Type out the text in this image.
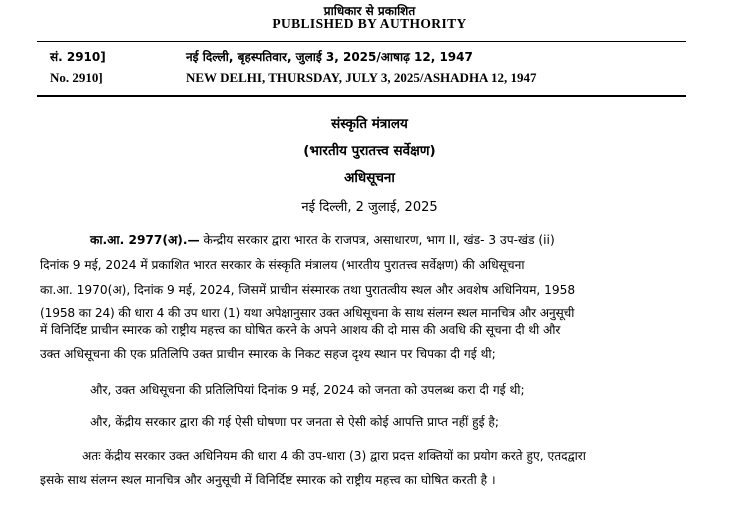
प्राधिकार से प्रकाशित
PUBLISHED BY AUTHORITY
सं. 2910]	नई दिल्ली, बृहस्पतिवार, जुलाई 3, 2025/आषाढ़ 12, 1947
No. 2910]	NEW DELHI, THURSDAY, JULY 3, 2025/ASHADHA 12, 1947
संस्कृति मंत्रालय
(भारतीय पुरातत्त्व सर्वेक्षण)
अधिसूचना
नई दिल्ली, 2 जुलाई, 2025
का.आ. 2977(अ).— केन्द्रीय सरकार द्वारा भारत के राजपत्र, असाधारण, भाग II, खंड- 3 उप-खंड (ii)
दिनांक 9 मई, 2024 में प्रकाशित भारत सरकार के संस्कृति मंत्रालय (भारतीय पुरातत्त्व सर्वेक्षण) की अधिसूचना
का.आ. 1970(अ), दिनांक 9 मई, 2024, जिसमें प्राचीन संस्मारक तथा पुरातत्वीय स्थल और अवशेष अधिनियम, 1958
(1958 का 24) की धारा 4 की उप धारा (1) यथा अपेक्षानुसार उक्त अधिसूचना के साथ संलग्न स्थल मानचित्र और अनुसूची
में विनिर्दिष्ट प्राचीन स्मारक को राष्ट्रीय महत्त्व का घोषित करने के अपने आशय की दो मास की अवधि की सूचना दी थी और
उक्त अधिसूचना की एक प्रतिलिपि उक्त प्राचीन स्मारक के निकट सहज दृश्य स्थान पर चिपका दी गई थी;
और, उक्त अधिसूचना की प्रतिलिपियां दिनांक 9 मई, 2024 को जनता को उपलब्ध करा दी गई थी;
और, केंद्रीय सरकार द्वारा की गई ऐसी घोषणा पर जनता से ऐसी कोई आपत्ति प्राप्त नहीं हुई है;
अतः केंद्रीय सरकार उक्त अधिनियम की धारा 4 की उप-धारा (3) द्वारा प्रदत्त शक्तियों का प्रयोग करते हुए, एतदद्वारा
इसके साथ संलग्न स्थल मानचित्र और अनुसूची में विनिर्दिष्ट स्मारक को राष्ट्रीय महत्त्व का घोषित करती है ।
